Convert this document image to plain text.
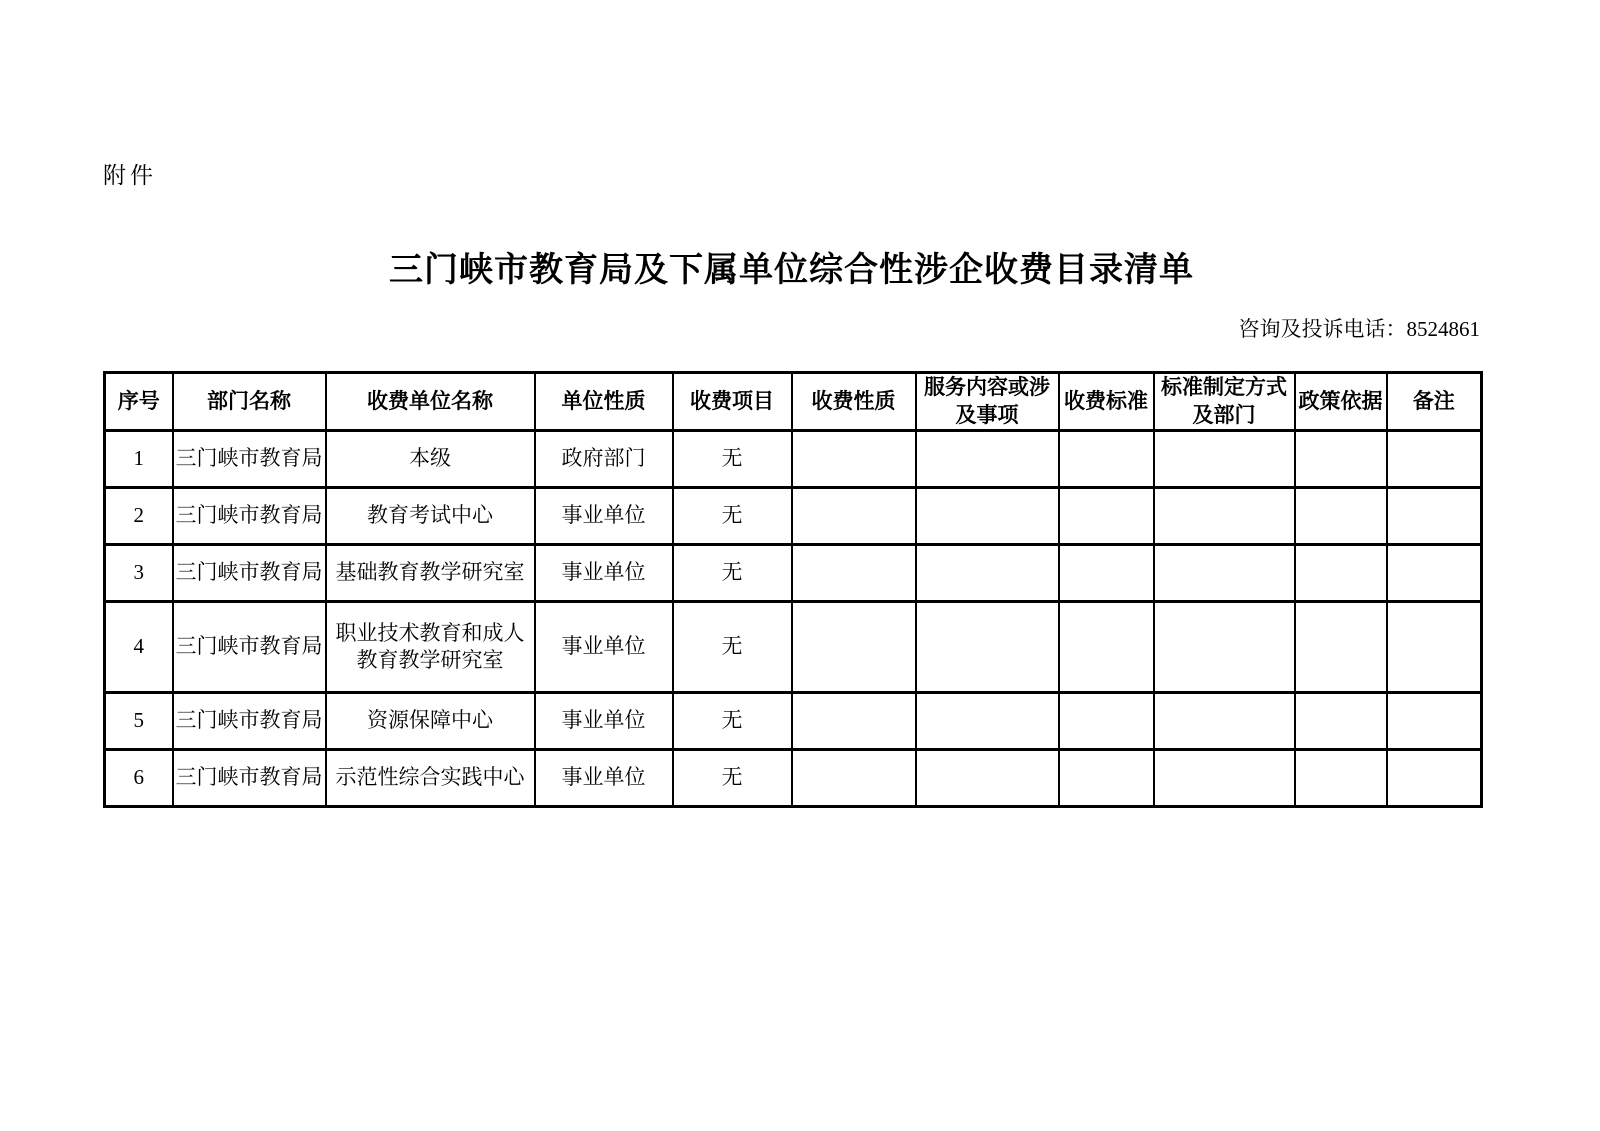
附件
三门峡市教育局及下属单位综合性涉企收费目录清单
咨询及投诉电话：8524861
序号	部门名称	收费单位名称	单位性质	收费项目	收费性质	服务内容或涉及事项	收费标准	标准制定方式及部门	政策依据	备注
1	三门峡市教育局	本级	政府部门	无						
2	三门峡市教育局	教育考试中心	事业单位	无						
3	三门峡市教育局	基础教育教学研究室	事业单位	无						
4	三门峡市教育局	职业技术教育和成人教育教学研究室	事业单位	无						
5	三门峡市教育局	资源保障中心	事业单位	无						
6	三门峡市教育局	示范性综合实践中心	事业单位	无						
